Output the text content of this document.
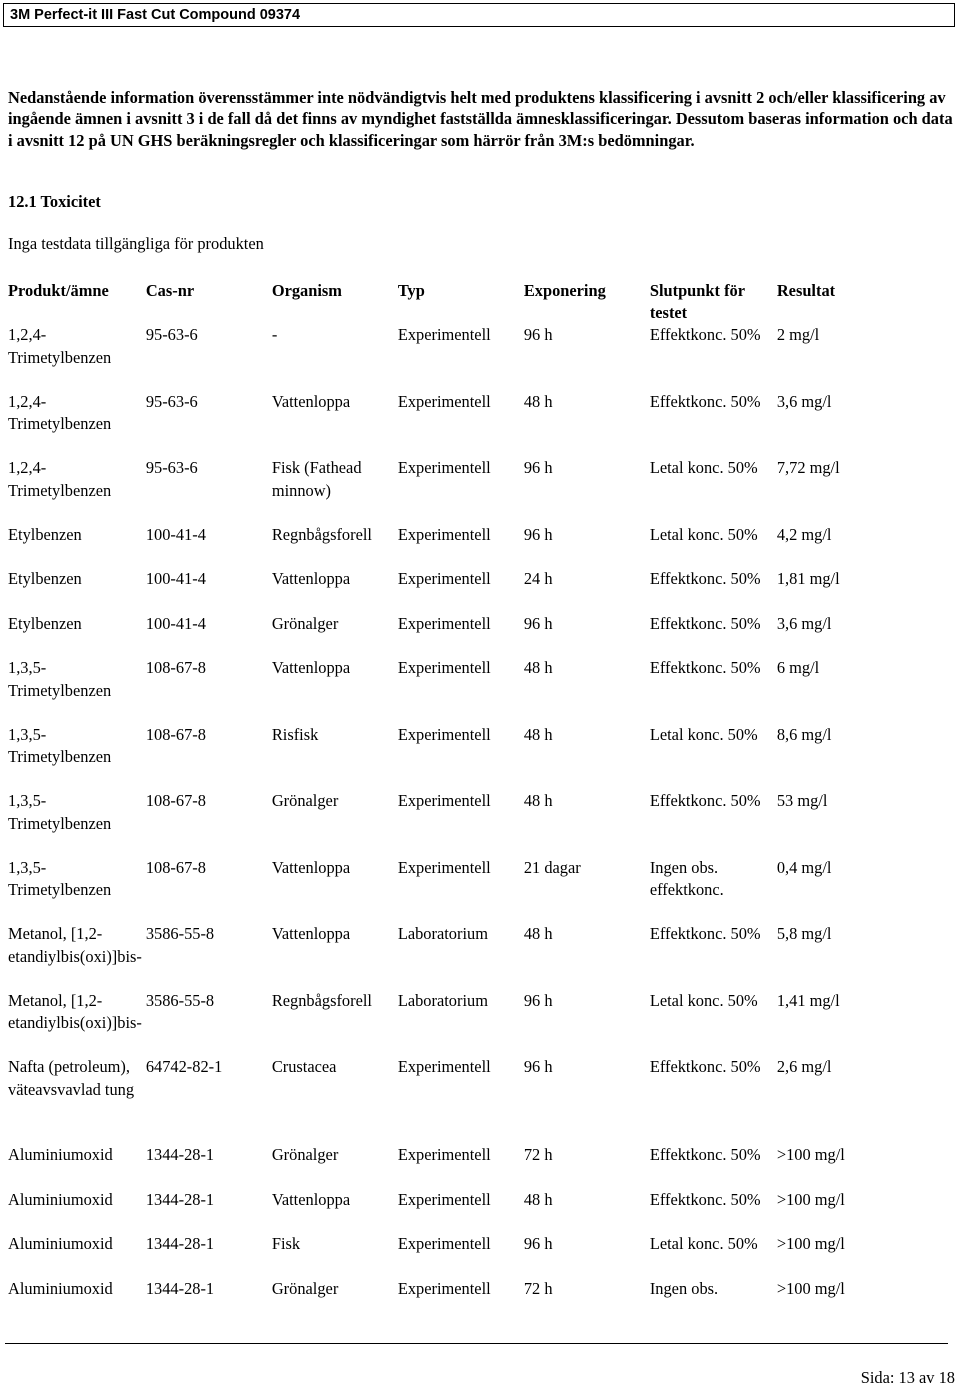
3M Perfect-it III Fast Cut Compound 09374
Nedanstående information överensstämmer inte nödvändigtvis helt med produktens klassificering i avsnitt 2 och/eller klassificering av ingående ämnen i avsnitt 3 i de fall då det finns av myndighet fastställda ämnesklassificeringar. Dessutom baseras information och data i avsnitt 12 på UN GHS beräkningsregler och klassificeringar som härrör från 3M:s bedömningar.
12.1 Toxicitet
Inga testdata tillgängliga för produkten
Produkt/ämne	Cas-nr	Organism	Typ	Exponering	Slutpunkt för testet	Resultat
1,2,4-Trimetylbenzen	95-63-6	-	Experimentell	96 h	Effektkonc. 50%	2 mg/l
1,2,4-Trimetylbenzen	95-63-6	Vattenloppa	Experimentell	48 h	Effektkonc. 50%	3,6 mg/l
1,2,4-Trimetylbenzen	95-63-6	Fisk (Fathead minnow)	Experimentell	96 h	Letal konc. 50%	7,72 mg/l
Etylbenzen	100-41-4	Regnbågsforell	Experimentell	96 h	Letal konc. 50%	4,2 mg/l
Etylbenzen	100-41-4	Vattenloppa	Experimentell	24 h	Effektkonc. 50%	1,81 mg/l
Etylbenzen	100-41-4	Grönalger	Experimentell	96 h	Effektkonc. 50%	3,6 mg/l
1,3,5-Trimetylbenzen	108-67-8	Vattenloppa	Experimentell	48 h	Effektkonc. 50%	6 mg/l
1,3,5-Trimetylbenzen	108-67-8	Risfisk	Experimentell	48 h	Letal konc. 50%	8,6 mg/l
1,3,5-Trimetylbenzen	108-67-8	Grönalger	Experimentell	48 h	Effektkonc. 50%	53 mg/l
1,3,5-Trimetylbenzen	108-67-8	Vattenloppa	Experimentell	21 dagar	Ingen obs. effektkonc.	0,4 mg/l
Metanol, [1,2-etandiylbis(oxi)]bis-	3586-55-8	Vattenloppa	Laboratorium	48 h	Effektkonc. 50%	5,8 mg/l
Metanol, [1,2-etandiylbis(oxi)]bis-	3586-55-8	Regnbågsforell	Laboratorium	96 h	Letal konc. 50%	1,41 mg/l
Nafta (petroleum), väteavsvavlad tung	64742-82-1	Crustacea	Experimentell	96 h	Effektkonc. 50%	2,6 mg/l
Aluminiumoxid	1344-28-1	Grönalger	Experimentell	72 h	Effektkonc. 50%	>100 mg/l
Aluminiumoxid	1344-28-1	Vattenloppa	Experimentell	48 h	Effektkonc. 50%	>100 mg/l
Aluminiumoxid	1344-28-1	Fisk	Experimentell	96 h	Letal konc. 50%	>100 mg/l
Aluminiumoxid	1344-28-1	Grönalger	Experimentell	72 h	Ingen obs.	>100 mg/l
Sida: 13 av 18
